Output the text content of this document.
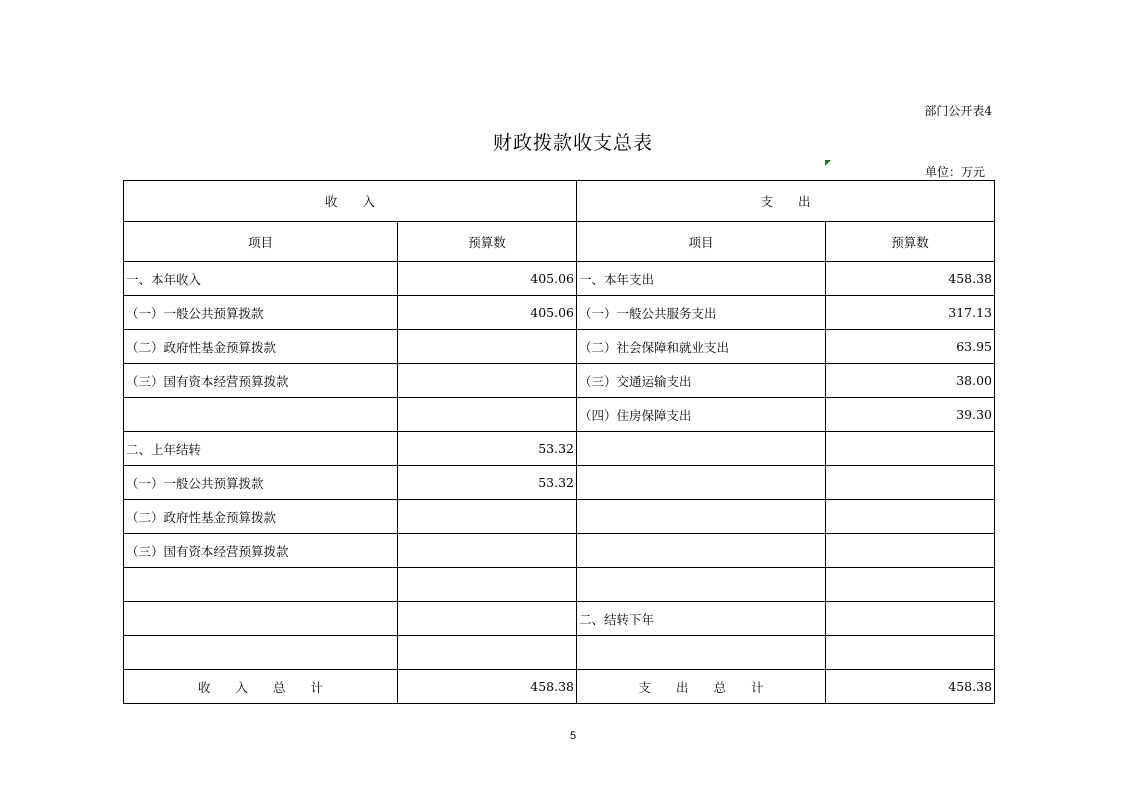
部门公开表4
财政拨款收支总表
单位：万元
收　　入		支　　出	
项目	预算数	项目	预算数
一、本年收入	405.06	一、本年支出	458.38
（一）一般公共预算拨款	405.06	（一）一般公共服务支出	317.13
（二）政府性基金预算拨款		（二）社会保障和就业支出	63.95
（三）国有资本经营预算拨款		（三）交通运输支出	38.00
		（四）住房保障支出	39.30
二、上年结转	53.32		
（一）一般公共预算拨款	53.32		
（二）政府性基金预算拨款			
（三）国有资本经营预算拨款			

		二、结转下年	

收　　入　　总　　计	458.38	支　　出　　总　　计	458.38
5
